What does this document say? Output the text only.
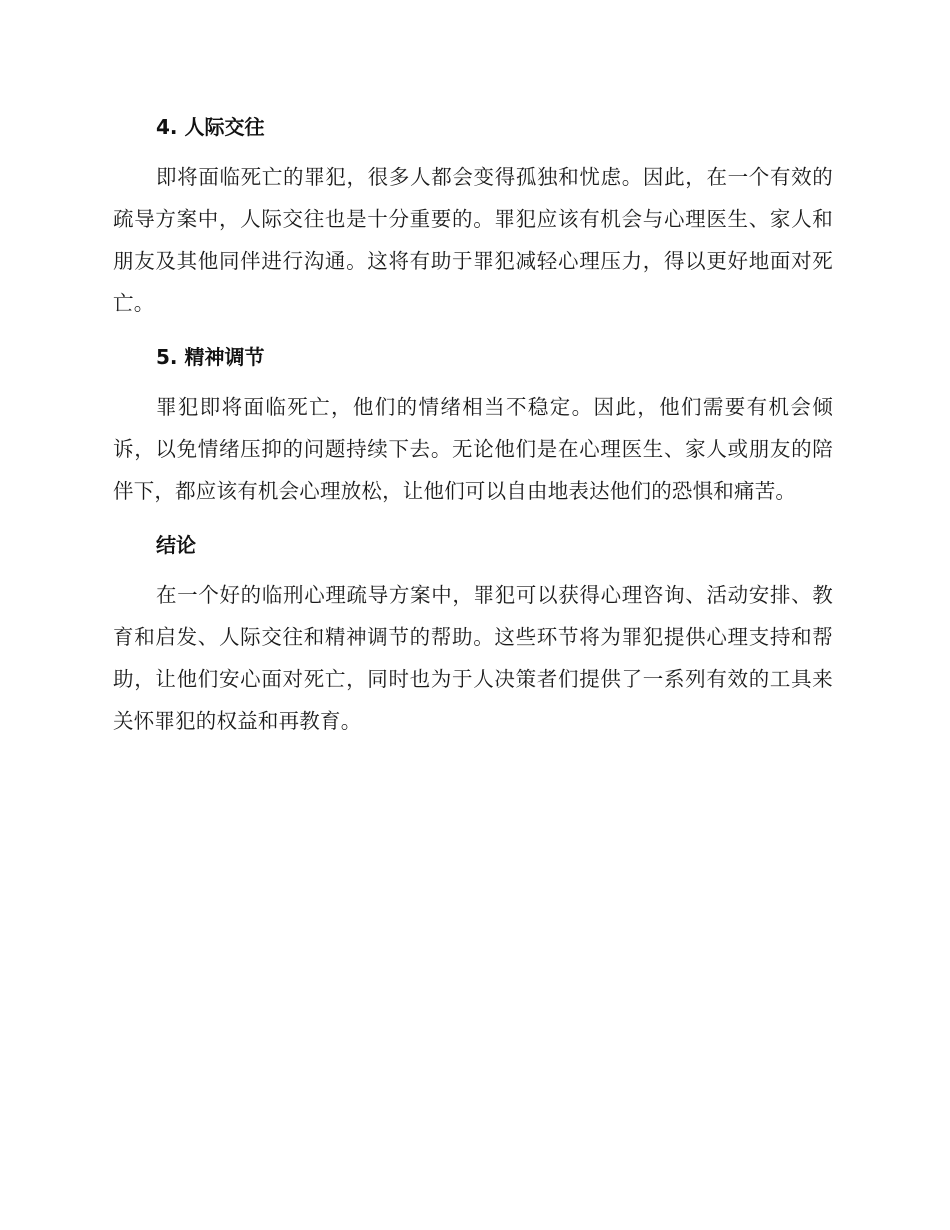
4. 人际交往

即将面临死亡的罪犯，很多人都会变得孤独和忧虑。因此，在一个有效的疏导方案中，人际交往也是十分重要的。罪犯应该有机会与心理医生、家人和朋友及其他同伴进行沟通。这将有助于罪犯减轻心理压力，得以更好地面对死亡。

5. 精神调节

罪犯即将面临死亡，他们的情绪相当不稳定。因此，他们需要有机会倾诉，以免情绪压抑的问题持续下去。无论他们是在心理医生、家人或朋友的陪伴下，都应该有机会心理放松，让他们可以自由地表达他们的恐惧和痛苦。

结论

在一个好的临刑心理疏导方案中，罪犯可以获得心理咨询、活动安排、教育和启发、人际交往和精神调节的帮助。这些环节将为罪犯提供心理支持和帮助，让他们安心面对死亡，同时也为于人决策者们提供了一系列有效的工具来关怀罪犯的权益和再教育。
